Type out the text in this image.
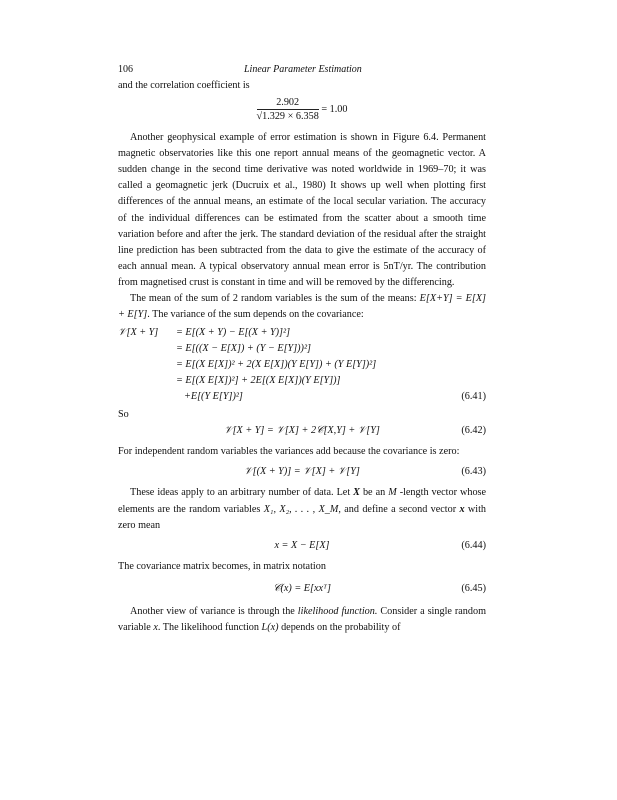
106	Linear Parameter Estimation

and the correlation coefficient is

$\frac{2.902}{√1.329 \times 6.358} = 1.00$

Another geophysical example of error estimation is shown in Figure 6.4. Permanent magnetic observatories like this one report annual means of the geomagnetic vector. A sudden change in the second time derivative was noted worldwide in 1969–70; it was called a geomagnetic jerk (Ducruix et al., 1980) It shows up well when plotting first differences of the annual means, an estimate of the local secular variation. The accuracy of the individual differences can be estimated from the scatter about a smooth time variation before and after the jerk. The standard deviation of the residual after the straight line prediction has been subtracted from the data to give the estimate of the accuracy of each annual mean. A typical observatory annual mean error is 5nT/yr. The contribution from magnetised crust is constant in time and will be removed by the differencing.

The mean of the sum of 2 random variables is the sum of the means: E[X+Y] = E[X] + E[Y]. The variance of the sum depends on the covariance:

𝒱[X + Y] = E[(X + Y) − E[(X + Y)]²]
= E[((X − E[X]) + (Y − E[Y]))²]
= E[(X E[X])² + 2(X E[X])(Y E[Y]) + (Y E[Y])²]
= E[(X E[X])²] + 2E[(X E[X])(Y E[Y])]
+E[(Y E[Y])²]	(6.41)

So

𝒱[X + Y] = 𝒱[X] + 2𝒞[X,Y] + 𝒱[Y]	(6.42)

For independent random variables the variances add because the covariance is zero:

𝒱[(X + Y)] = 𝒱[X] + 𝒱[Y]	(6.43)

These ideas apply to an arbitrary number of data. Let X be an M -length vector whose elements are the random variables X₁, X₂, . . . , X_M, and define a second vector x with zero mean

x = X − E[X]	(6.44)

The covariance matrix becomes, in matrix notation

𝒞(x) = E[xxᵀ]	(6.45)

Another view of variance is through the likelihood function. Consider a single random variable x. The likelihood function L(x) depends on the probability of
